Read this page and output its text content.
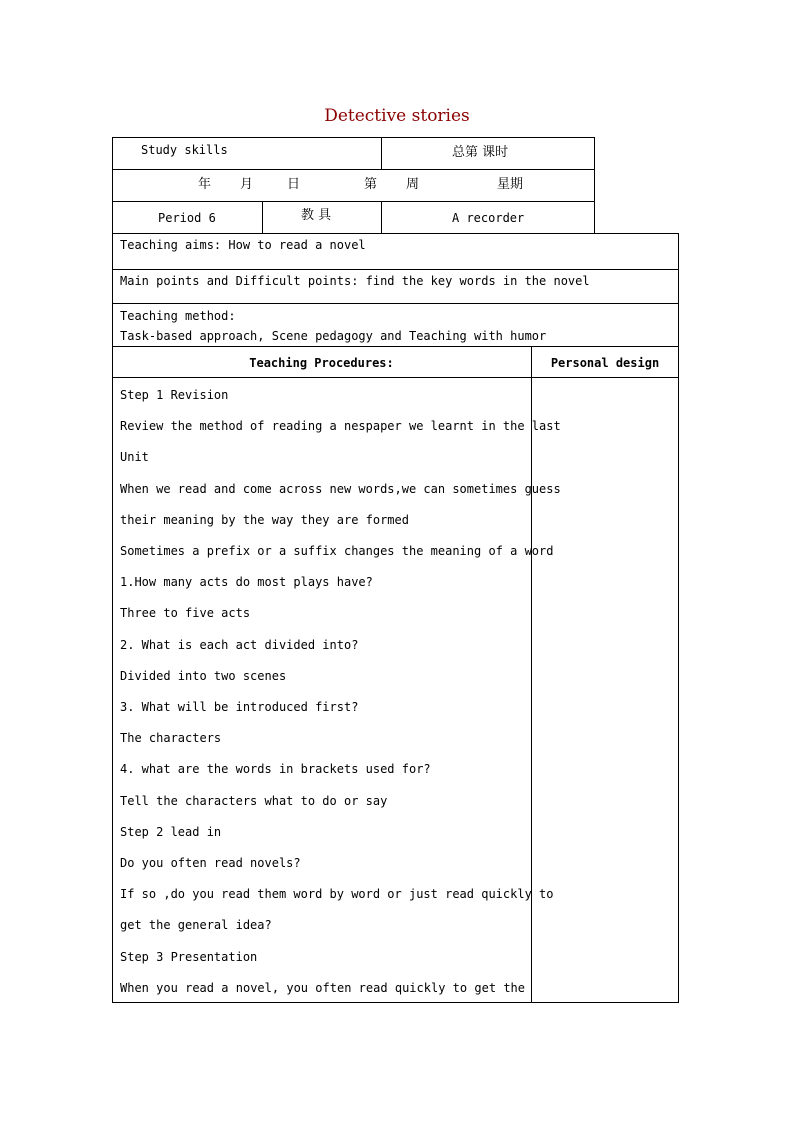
Detective stories
Study skills	总第 课时
年 月	日	第 周	星期
Period 6	教 具	A recorder
Teaching aims: How to read a novel
Main points and Difficult points: find the key words in the novel
Teaching method:
Task-based approach, Scene pedagogy and Teaching with humor
Teaching Procedures:	Personal design
Step 1 Revision
Review the method of reading a nespaper we learnt in the last
Unit
When we read and come across new words,we can sometimes guess
their meaning by the way they are formed
Sometimes a prefix or a suffix changes the meaning of a word
1.How many acts do most plays have?
Three to five acts
2. What is each act divided into?
Divided into two scenes
3. What will be introduced first?
The characters
4. what are the words in brackets used for?
Tell the characters what to do or say
Step 2 lead in
Do you often read novels?
If so ,do you read them word by word or just read quickly to
get the general idea?
Step 3 Presentation
When you read a novel, you often read quickly to get the
